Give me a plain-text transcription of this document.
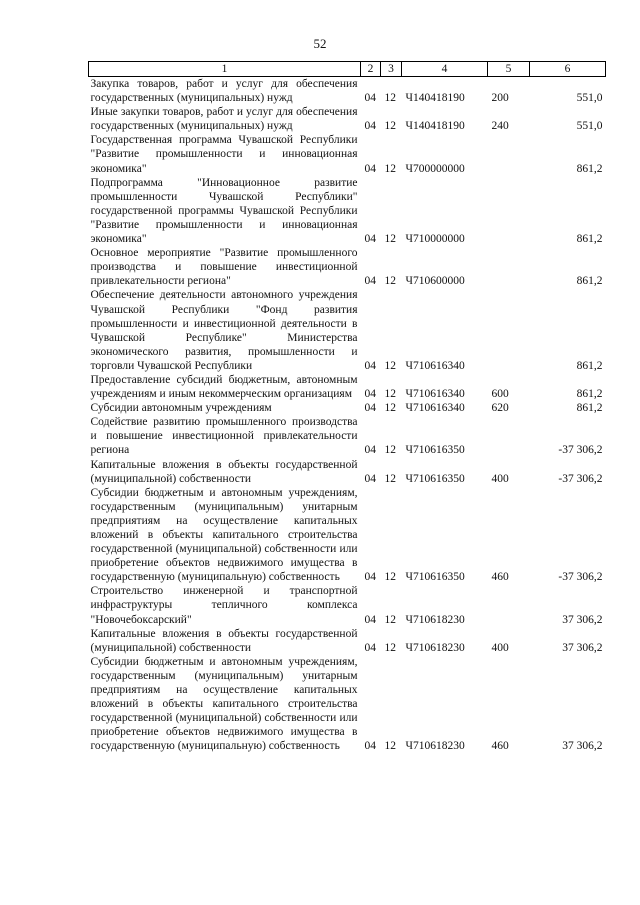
52
1	2	3	4	5	6
Закупка товаров, работ и услуг для обеспечения государственных (муниципальных) нужд	04	12	Ч140418190	200	551,0
Иные закупки товаров, работ и услуг для обеспечения государственных (муниципальных) нужд	04	12	Ч140418190	240	551,0
Государственная программа Чувашской Республики "Развитие промышленности и инновационная экономика"	04	12	Ч700000000		861,2
Подпрограмма "Инновационное развитие промышленности Чувашской Республики" государственной программы Чувашской Республики "Развитие промышленности и инновационная экономика"	04	12	Ч710000000		861,2
Основное мероприятие "Развитие промышленного производства и повышение инвестиционной привлекательности региона"	04	12	Ч710600000		861,2
Обеспечение деятельности автономного учреждения Чувашской Республики "Фонд развития промышленности и инвестиционной деятельности в Чувашской Республике" Министерства экономического развития, промышленности и торговли Чувашской Республики	04	12	Ч710616340		861,2
Предоставление субсидий бюджетным, автономным учреждениям и иным некоммерческим организациям	04	12	Ч710616340	600	861,2
Субсидии автономным учреждениям	04	12	Ч710616340	620	861,2
Содействие развитию промышленного производства и повышение инвестиционной привлекательности региона	04	12	Ч710616350		-37 306,2
Капитальные вложения в объекты государственной (муниципальной) собственности	04	12	Ч710616350	400	-37 306,2
Субсидии бюджетным и автономным учреждениям, государственным (муниципальным) унитарным предприятиям на осуществление капитальных вложений в объекты капитального строительства государственной (муниципальной) собственности или приобретение объектов недвижимого имущества в государственную (муниципальную) собственность	04	12	Ч710616350	460	-37 306,2
Строительство инженерной и транспортной инфраструктуры тепличного комплекса "Новочебоксарский"	04	12	Ч710618230		37 306,2
Капитальные вложения в объекты государственной (муниципальной) собственности	04	12	Ч710618230	400	37 306,2
Субсидии бюджетным и автономным учреждениям, государственным (муниципальным) унитарным предприятиям на осуществление капитальных вложений в объекты капитального строительства государственной (муниципальной) собственности или приобретение объектов недвижимого имущества в государственную (муниципальную) собственность	04	12	Ч710618230	460	37 306,2
